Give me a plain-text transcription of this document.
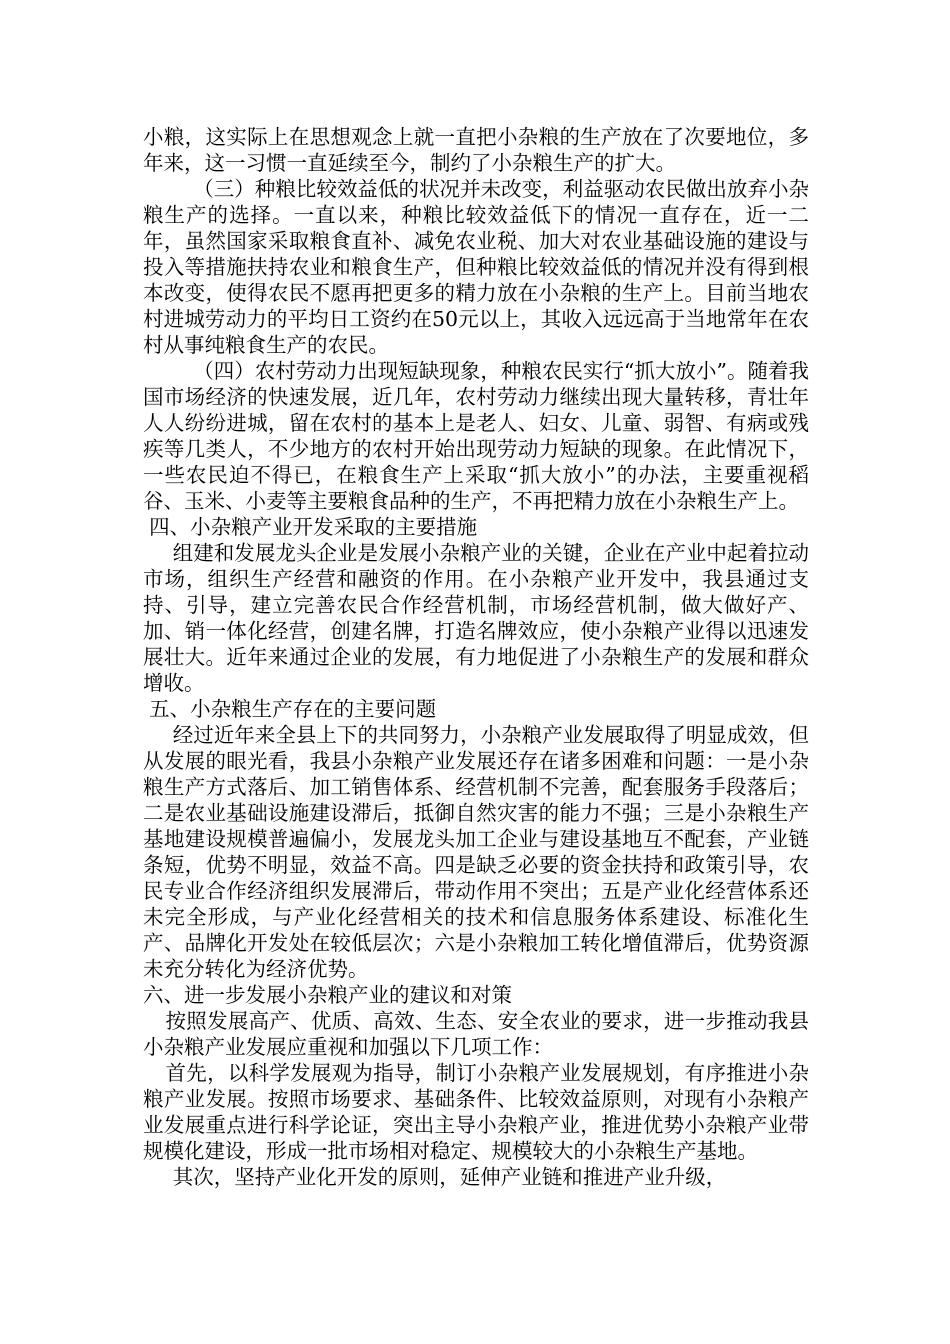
小粮，这实际上在思想观念上就一直把小杂粮的生产放在了次要地位，多年来，这一习惯一直延续至今，制约了小杂粮生产的扩大。

（三）种粮比较效益低的状况并未改变，利益驱动农民做出放弃小杂粮生产的选择。一直以来，种粮比较效益低下的情况一直存在，近一二年，虽然国家采取粮食直补、减免农业税、加大对农业基础设施的建设与投入等措施扶持农业和粮食生产，但种粮比较效益低的情况并没有得到根本改变，使得农民不愿再把更多的精力放在小杂粮的生产上。目前当地农村进城劳动力的平均日工资约在50元以上，其收入远远高于当地常年在农村从事纯粮食生产的农民。

（四）农村劳动力出现短缺现象，种粮农民实行“抓大放小”。随着我国市场经济的快速发展，近几年，农村劳动力继续出现大量转移，青壮年人人纷纷进城，留在农村的基本上是老人、妇女、儿童、弱智、有病或残疾等几类人，不少地方的农村开始出现劳动力短缺的现象。在此情况下，一些农民迫不得已，在粮食生产上采取“抓大放小”的办法，主要重视稻谷、玉米、小麦等主要粮食品种的生产，不再把精力放在小杂粮生产上。

四、小杂粮产业开发采取的主要措施

组建和发展龙头企业是发展小杂粮产业的关键，企业在产业中起着拉动市场，组织生产经营和融资的作用。在小杂粮产业开发中，我县通过支持、引导，建立完善农民合作经营机制，市场经营机制，做大做好产、加、销一体化经营，创建名牌，打造名牌效应，使小杂粮产业得以迅速发展壮大。近年来通过企业的发展，有力地促进了小杂粮生产的发展和群众增收。

五、小杂粮生产存在的主要问题

经过近年来全县上下的共同努力，小杂粮产业发展取得了明显成效，但从发展的眼光看，我县小杂粮产业发展还存在诸多困难和问题：一是小杂粮生产方式落后、加工销售体系、经营机制不完善，配套服务手段落后；二是农业基础设施建设滞后，抵御自然灾害的能力不强；三是小杂粮生产基地建设规模普遍偏小，发展龙头加工企业与建设基地互不配套，产业链条短，优势不明显，效益不高。四是缺乏必要的资金扶持和政策引导，农民专业合作经济组织发展滞后，带动作用不突出；五是产业化经营体系还未完全形成，与产业化经营相关的技术和信息服务体系建设、标准化生产、品牌化开发处在较低层次；六是小杂粮加工转化增值滞后，优势资源未充分转化为经济优势。

六、进一步发展小杂粮产业的建议和对策

按照发展高产、优质、高效、生态、安全农业的要求，进一步推动我县小杂粮产业发展应重视和加强以下几项工作：

首先，以科学发展观为指导，制订小杂粮产业发展规划，有序推进小杂粮产业发展。按照市场要求、基础条件、比较效益原则，对现有小杂粮产业发展重点进行科学论证，突出主导小杂粮产业，推进优势小杂粮产业带规模化建设，形成一批市场相对稳定、规模较大的小杂粮生产基地。

其次，坚持产业化开发的原则，延伸产业链和推进产业升级，
